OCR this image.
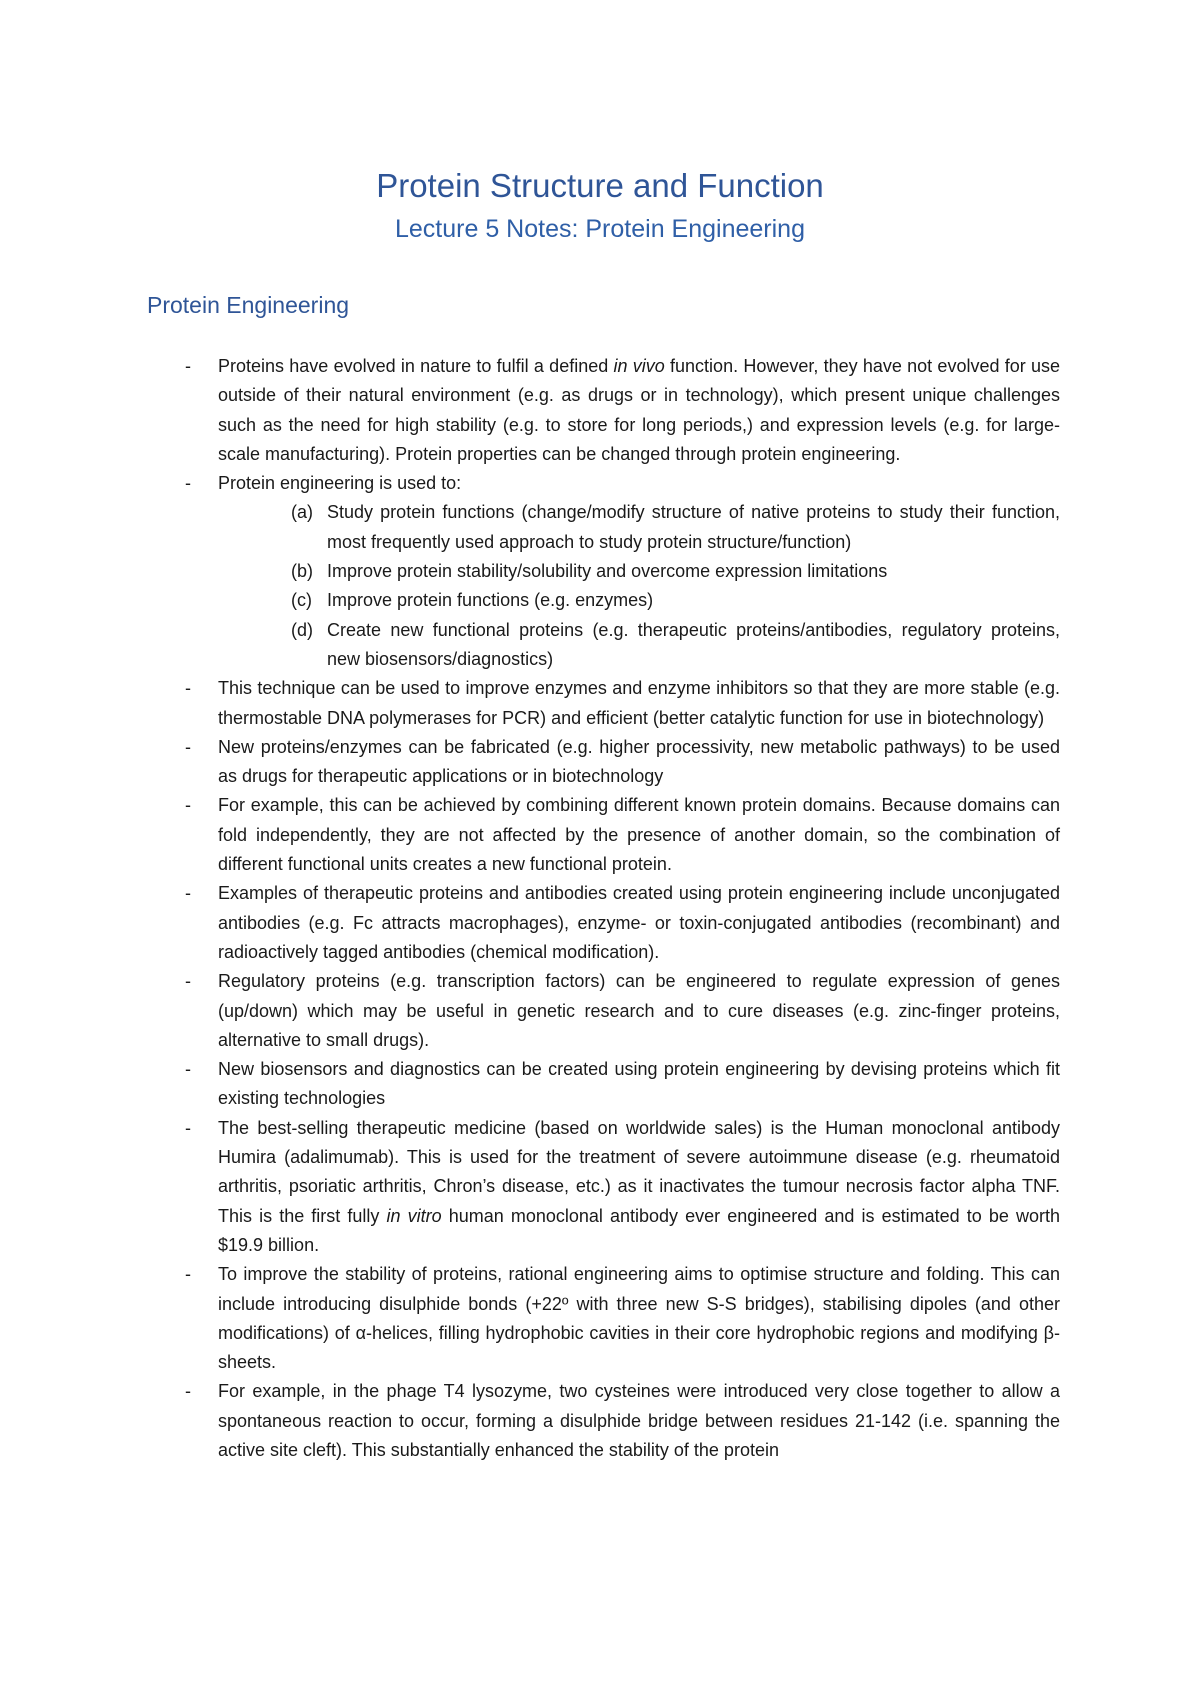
Protein Structure and Function
Lecture 5 Notes: Protein Engineering
Protein Engineering
- Proteins have evolved in nature to fulfil a defined in vivo function. However, they have not evolved for use outside of their natural environment (e.g. as drugs or in technology), which present unique challenges such as the need for high stability (e.g. to store for long periods,) and expression levels (e.g. for large-scale manufacturing). Protein properties can be changed through protein engineering.
- Protein engineering is used to:
(a) Study protein functions (change/modify structure of native proteins to study their function, most frequently used approach to study protein structure/function)
(b) Improve protein stability/solubility and overcome expression limitations
(c) Improve protein functions (e.g. enzymes)
(d) Create new functional proteins (e.g. therapeutic proteins/antibodies, regulatory proteins, new biosensors/diagnostics)
- This technique can be used to improve enzymes and enzyme inhibitors so that they are more stable (e.g. thermostable DNA polymerases for PCR) and efficient (better catalytic function for use in biotechnology)
- New proteins/enzymes can be fabricated (e.g. higher processivity, new metabolic pathways) to be used as drugs for therapeutic applications or in biotechnology
- For example, this can be achieved by combining different known protein domains. Because domains can fold independently, they are not affected by the presence of another domain, so the combination of different functional units creates a new functional protein.
- Examples of therapeutic proteins and antibodies created using protein engineering include unconjugated antibodies (e.g. Fc attracts macrophages), enzyme- or toxin-conjugated antibodies (recombinant) and radioactively tagged antibodies (chemical modification).
- Regulatory proteins (e.g. transcription factors) can be engineered to regulate expression of genes (up/down) which may be useful in genetic research and to cure diseases (e.g. zinc-finger proteins, alternative to small drugs).
- New biosensors and diagnostics can be created using protein engineering by devising proteins which fit existing technologies
- The best-selling therapeutic medicine (based on worldwide sales) is the Human monoclonal antibody Humira (adalimumab). This is used for the treatment of severe autoimmune disease (e.g. rheumatoid arthritis, psoriatic arthritis, Chron’s disease, etc.) as it inactivates the tumour necrosis factor alpha TNF. This is the first fully in vitro human monoclonal antibody ever engineered and is estimated to be worth $19.9 billion.
- To improve the stability of proteins, rational engineering aims to optimise structure and folding. This can include introducing disulphide bonds (+22º with three new S-S bridges), stabilising dipoles (and other modifications) of α-helices, filling hydrophobic cavities in their core hydrophobic regions and modifying β-sheets.
- For example, in the phage T4 lysozyme, two cysteines were introduced very close together to allow a spontaneous reaction to occur, forming a disulphide bridge between residues 21-142 (i.e. spanning the active site cleft). This substantially enhanced the stability of the protein
